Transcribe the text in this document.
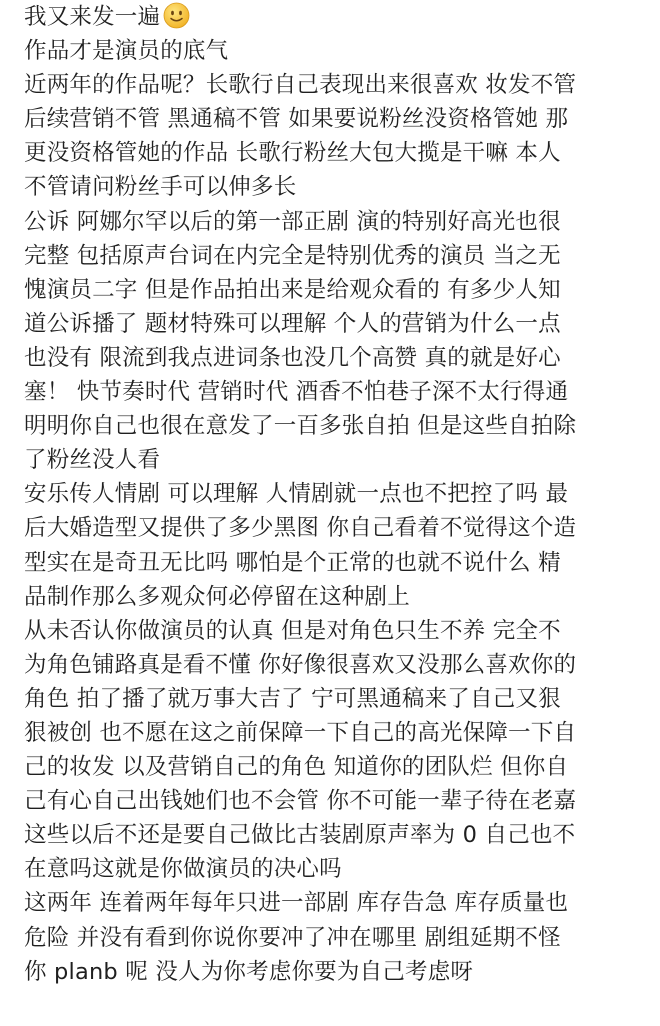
我又来发一遍
作品才是演员的底气
近两年的作品呢？长歌行自己表现出来很喜欢 妆发不管
后续营销不管 黑通稿不管 如果要说粉丝没资格管她 那
更没资格管她的作品 长歌行粉丝大包大揽是干嘛 本人
不管请问粉丝手可以伸多长
公诉 阿娜尔罕以后的第一部正剧 演的特别好高光也很
完整 包括原声台词在内完全是特别优秀的演员 当之无
愧演员二字 但是作品拍出来是给观众看的 有多少人知
道公诉播了 题材特殊可以理解 个人的营销为什么一点
也没有 限流到我点进词条也没几个高赞 真的就是好心
塞！ 快节奏时代 营销时代 酒香不怕巷子深不太行得通
明明你自己也很在意发了一百多张自拍 但是这些自拍除
了粉丝没人看
安乐传人情剧 可以理解 人情剧就一点也不把控了吗 最
后大婚造型又提供了多少黑图 你自己看着不觉得这个造
型实在是奇丑无比吗 哪怕是个正常的也就不说什么 精
品制作那么多观众何必停留在这种剧上
从未否认你做演员的认真 但是对角色只生不养 完全不
为角色铺路真是看不懂 你好像很喜欢又没那么喜欢你的
角色 拍了播了就万事大吉了 宁可黑通稿来了自己又狠
狠被创 也不愿在这之前保障一下自己的高光保障一下自
己的妆发 以及营销自己的角色 知道你的团队烂 但你自
己有心自己出钱她们也不会管 你不可能一辈子待在老嘉
这些以后不还是要自己做比古装剧原声率为 0 自己也不
在意吗这就是你做演员的决心吗
这两年 连着两年每年只进一部剧 库存告急 库存质量也
危险 并没有看到你说你要冲了冲在哪里 剧组延期不怪
你 planb 呢 没人为你考虑你要为自己考虑呀
